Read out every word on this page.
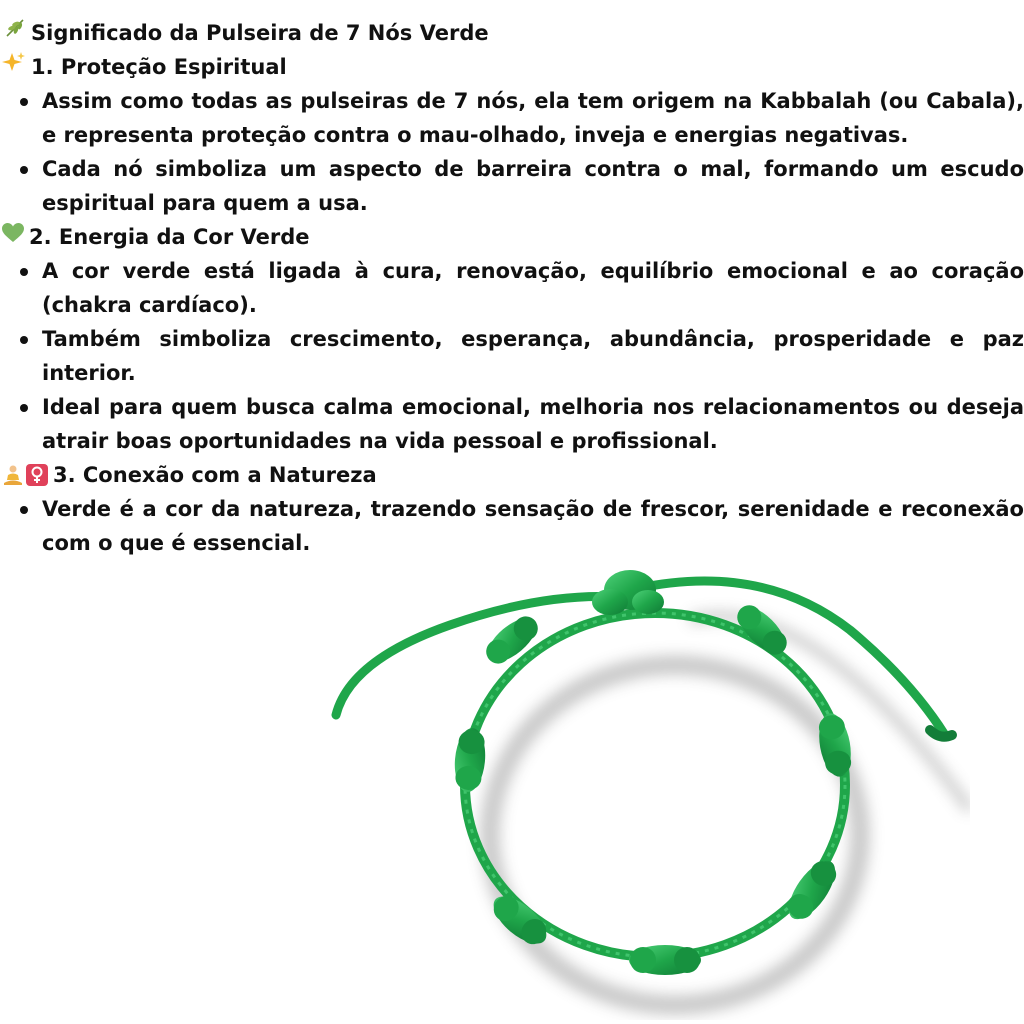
Significado da Pulseira de 7 Nós Verde
1. Proteção Espiritual
Assim como todas as pulseiras de 7 nós, ela tem origem na Kabbalah (ou Cabala), e representa proteção contra o mau-olhado, inveja e energias negativas.
Cada nó simboliza um aspecto de barreira contra o mal, formando um escudo espiritual para quem a usa.
2. Energia da Cor Verde
A cor verde está ligada à cura, renovação, equilíbrio emocional e ao coração (chakra cardíaco).
Também simboliza crescimento, esperança, abundância, prosperidade e paz interior.
Ideal para quem busca calma emocional, melhoria nos relacionamentos ou deseja atrair boas oportunidades na vida pessoal e profissional.
3. Conexão com a Natureza
Verde é a cor da natureza, trazendo sensação de frescor, serenidade e reconexão com o que é essencial.
